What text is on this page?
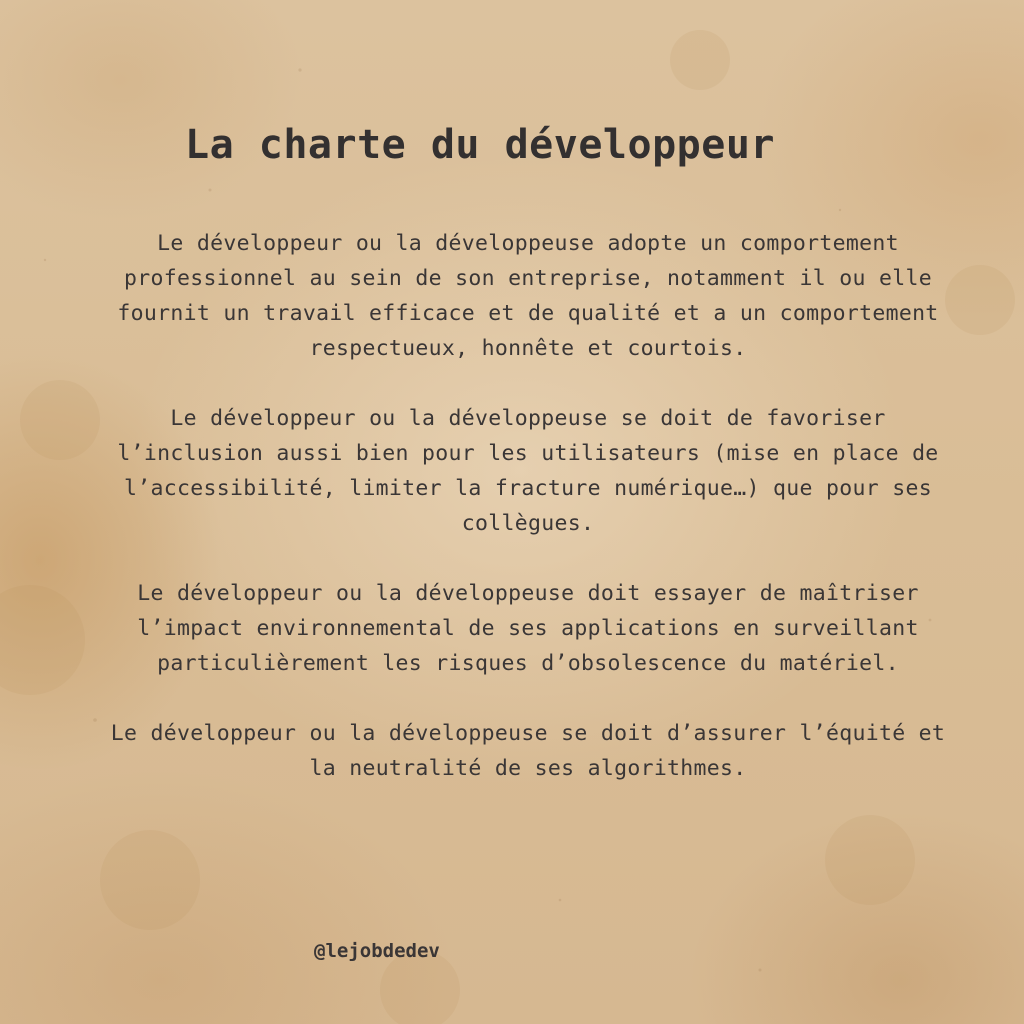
La charte du développeur

Le développeur ou la développeuse adopte un comportement professionnel au sein de son entreprise, notamment il ou elle fournit un travail efficace et de qualité et a un comportement respectueux, honnête et courtois.

Le développeur ou la développeuse se doit de favoriser l’inclusion aussi bien pour les utilisateurs (mise en place de l’accessibilité, limiter la fracture numérique…) que pour ses collègues.

Le développeur ou la développeuse doit essayer de maîtriser l’impact environnemental de ses applications en surveillant particulièrement les risques d’obsolescence du matériel.

Le développeur ou la développeuse se doit d’assurer l’équité et la neutralité de ses algorithmes.

@lejobdedev
